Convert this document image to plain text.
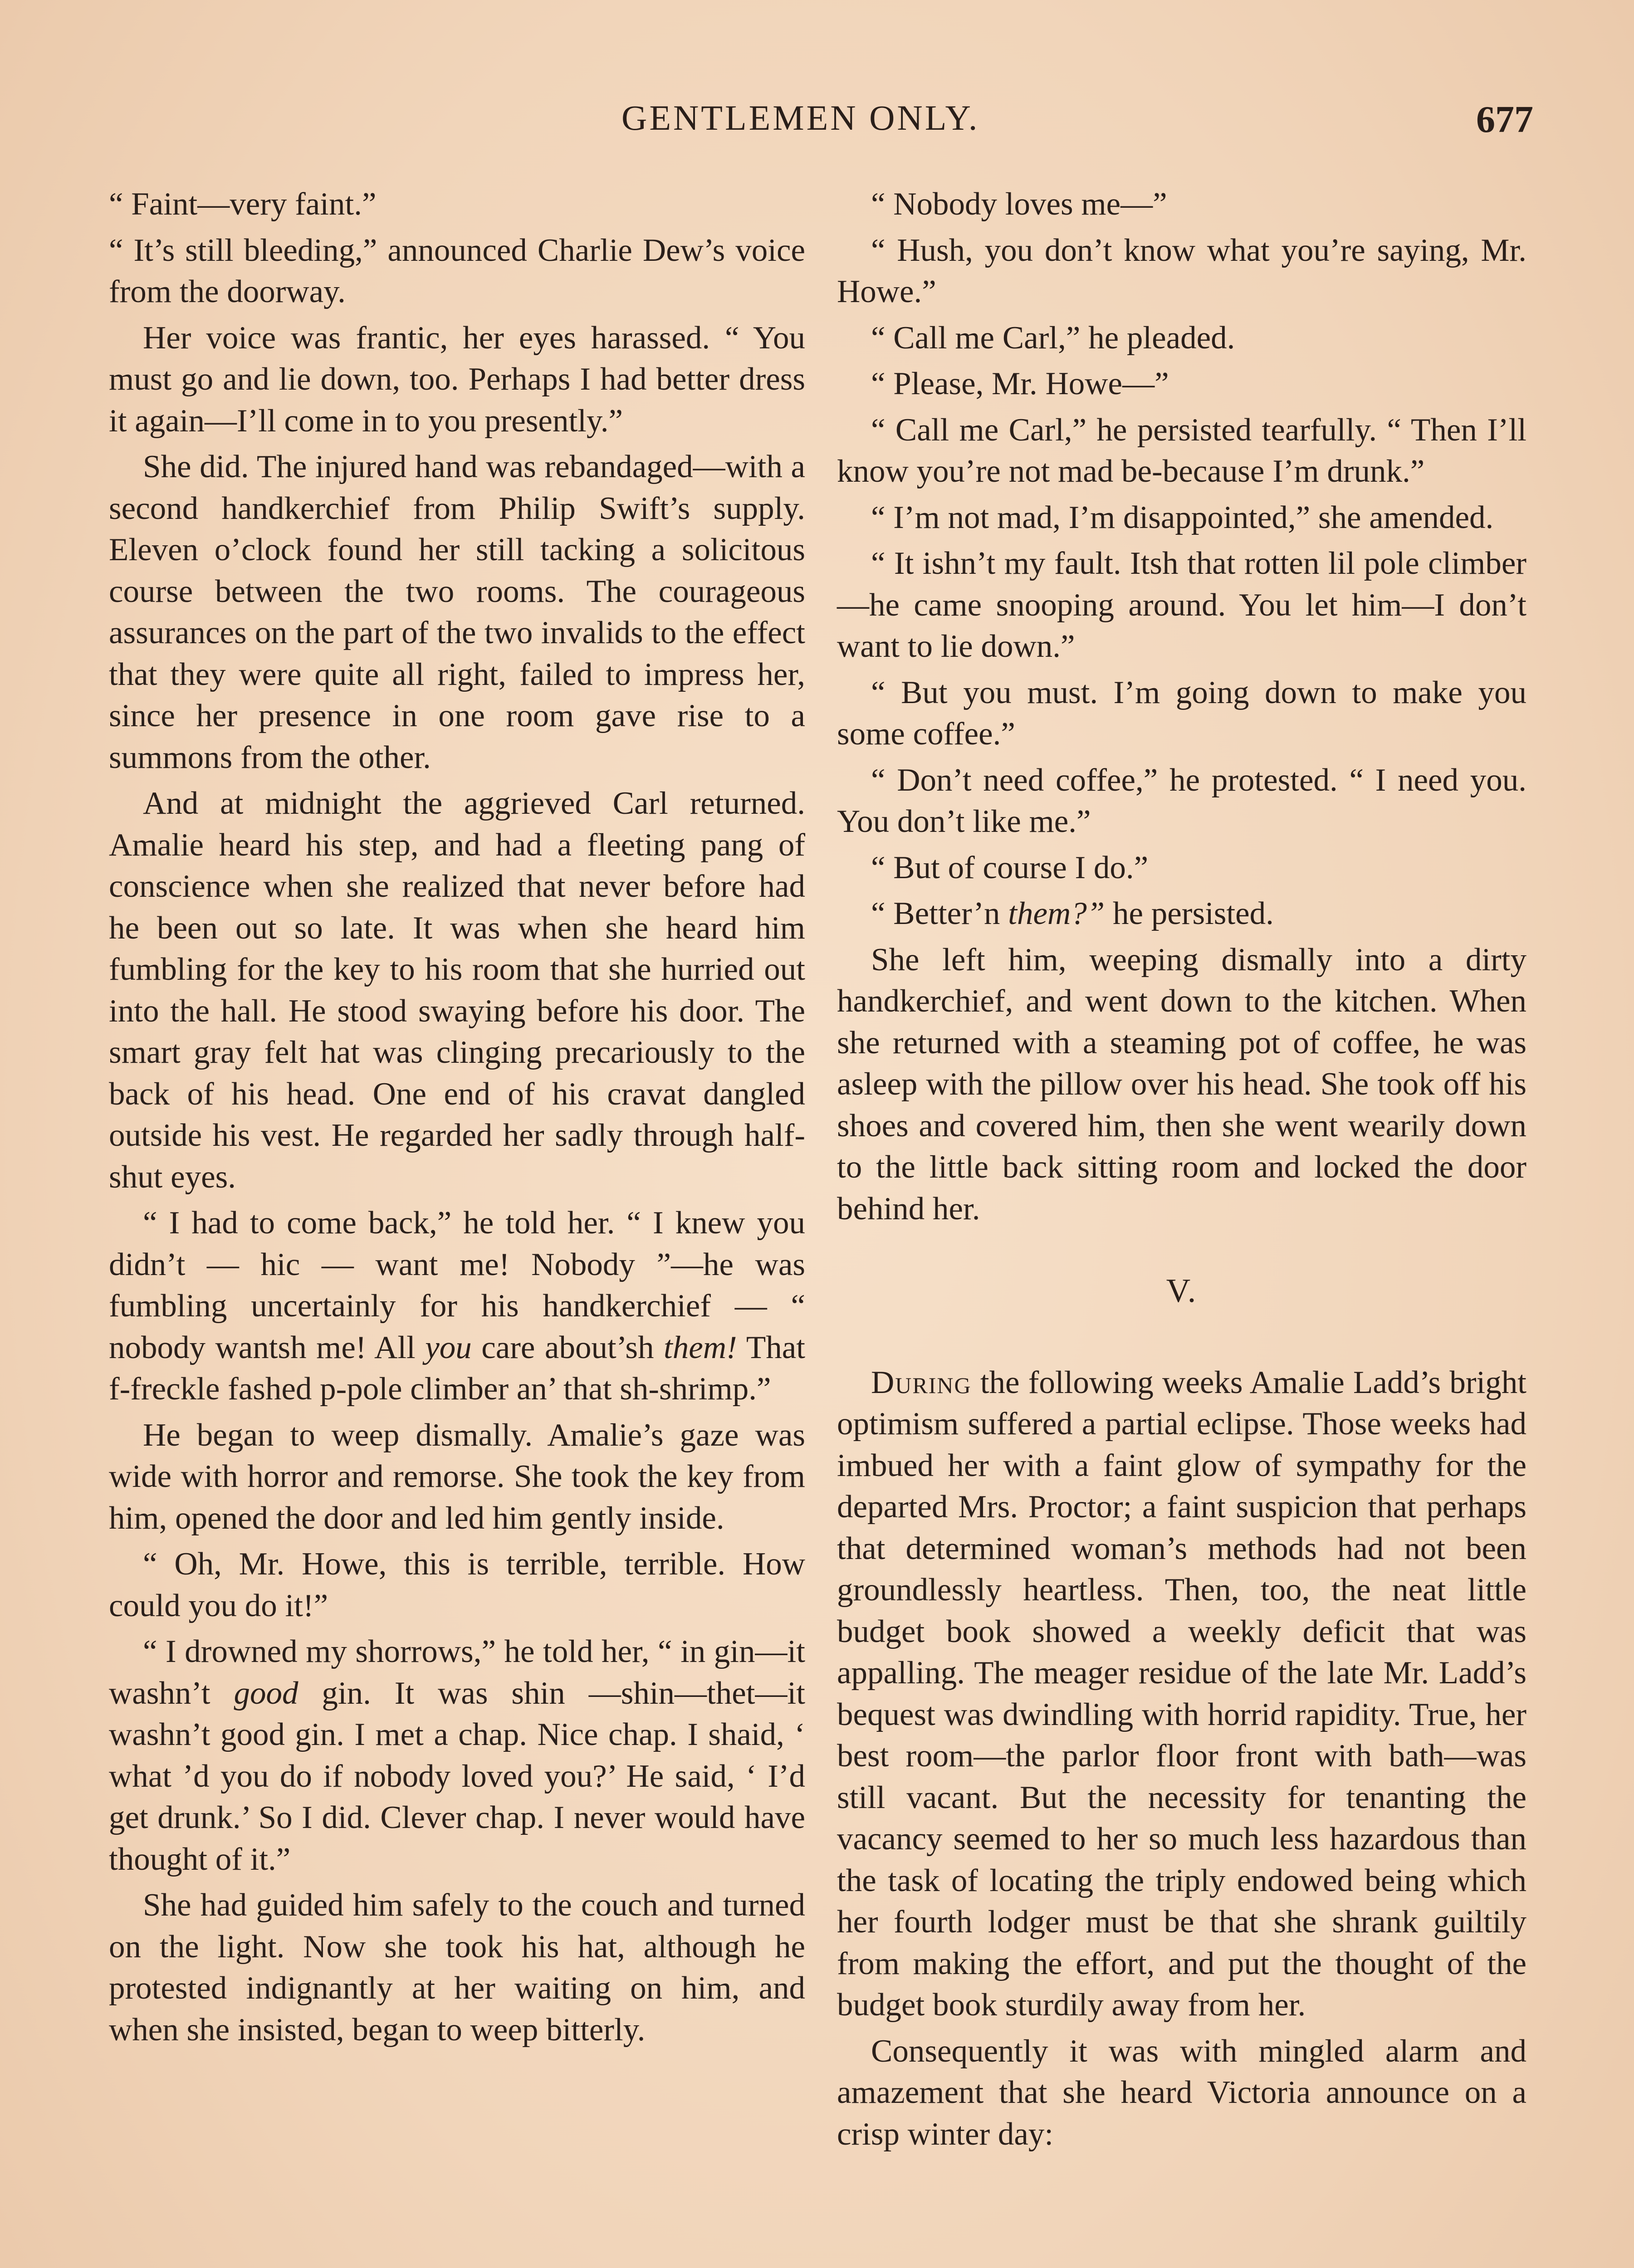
GENTLEMEN ONLY.	677

“ Faint—very faint.”

“ It’s still bleeding,” announced Charlie Dew’s voice from the doorway.

Her voice was frantic, her eyes harassed. “ You must go and lie down, too. Perhaps I had better dress it again—I’ll come in to you presently.”

She did. The injured hand was rebandaged—with a second handkerchief from Philip Swift’s supply. Eleven o’clock found her still tacking a solicitous course between the two rooms. The courageous assurances on the part of the two invalids to the effect that they were quite all right, failed to impress her, since her presence in one room gave rise to a summons from the other.

And at midnight the aggrieved Carl returned. Amalie heard his step, and had a fleeting pang of conscience when she realized that never before had he been out so late. It was when she heard him fumbling for the key to his room that she hurried out into the hall. He stood swaying before his door. The smart gray felt hat was clinging precariously to the back of his head. One end of his cravat dangled outside his vest. He regarded her sadly through half-shut eyes.

“ I had to come back,” he told her. “ I knew you didn’t — hic — want me! Nobody ”—he was fumbling uncertainly for his handkerchief — “ nobody wantsh me! All you care about’sh them! That f-freckle fashed p-pole climber an’ that sh-shrimp.”

He began to weep dismally. Amalie’s gaze was wide with horror and remorse. She took the key from him, opened the door and led him gently inside.

“ Oh, Mr. Howe, this is terrible, terrible. How could you do it!”

“ I drowned my shorrows,” he told her, “ in gin—it washn’t good gin. It was shin —shin—thet—it washn’t good gin. I met a chap. Nice chap. I shaid, ‘ what ’d you do if nobody loved you?’ He said, ‘ I’d get drunk.’ So I did. Clever chap. I never would have thought of it.”

She had guided him safely to the couch and turned on the light. Now she took his hat, although he protested indignantly at her waiting on him, and when she insisted, began to weep bitterly.

“ Nobody loves me—”

“ Hush, you don’t know what you’re saying, Mr. Howe.”

“ Call me Carl,” he pleaded.

“ Please, Mr. Howe—”

“ Call me Carl,” he persisted tearfully. “ Then I’ll know you’re not mad be-because I’m drunk.”

“ I’m not mad, I’m disappointed,” she amended.

“ It ishn’t my fault. Itsh that rotten lil pole climber—he came snooping around. You let him—I don’t want to lie down.”

“ But you must. I’m going down to make you some coffee.”

“ Don’t need coffee,” he protested. “ I need you. You don’t like me.”

“ But of course I do.”

“ Better’n them?” he persisted.

She left him, weeping dismally into a dirty handkerchief, and went down to the kitchen. When she returned with a steaming pot of coffee, he was asleep with the pillow over his head. She took off his shoes and covered him, then she went wearily down to the little back sitting room and locked the door behind her.

V.

During the following weeks Amalie Ladd’s bright optimism suffered a partial eclipse. Those weeks had imbued her with a faint glow of sympathy for the departed Mrs. Proctor; a faint suspicion that perhaps that determined woman’s methods had not been groundlessly heartless. Then, too, the neat little budget book showed a weekly deficit that was appalling. The meager residue of the late Mr. Ladd’s bequest was dwindling with horrid rapidity. True, her best room—the parlor floor front with bath—was still vacant. But the necessity for tenanting the vacancy seemed to her so much less hazardous than the task of locating the triply endowed being which her fourth lodger must be that she shrank guiltily from making the effort, and put the thought of the budget book sturdily away from her.

Consequently it was with mingled alarm and amazement that she heard Victoria announce on a crisp winter day:
